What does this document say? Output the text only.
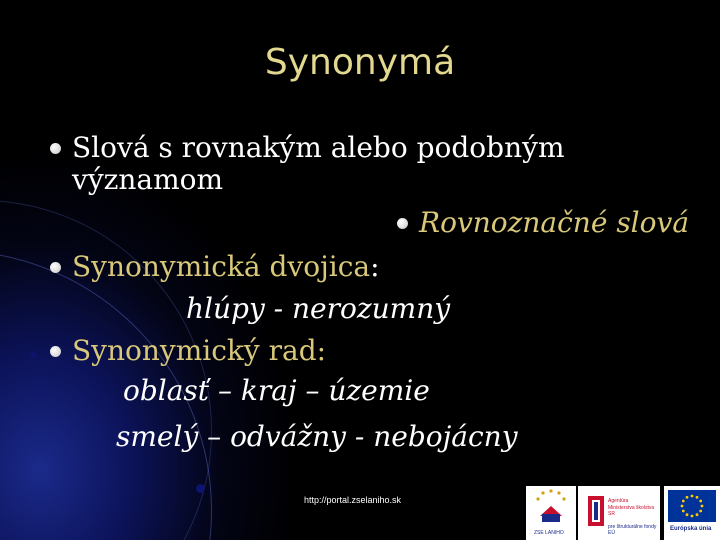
Synonymá
Slová s rovnakým alebo podobným
významom
Rovnoznačné slová
Synonymická dvojica:
hlúpy - nerozumný
Synonymický rad:
oblasť – kraj – územie
smelý – odvážny - nebojácny
http://portal.zselaniho.sk
ZSE LANIHO
Agentúra
Ministerstva školstva SR
pre štrukturálne fondy EÚ
Európska únia
